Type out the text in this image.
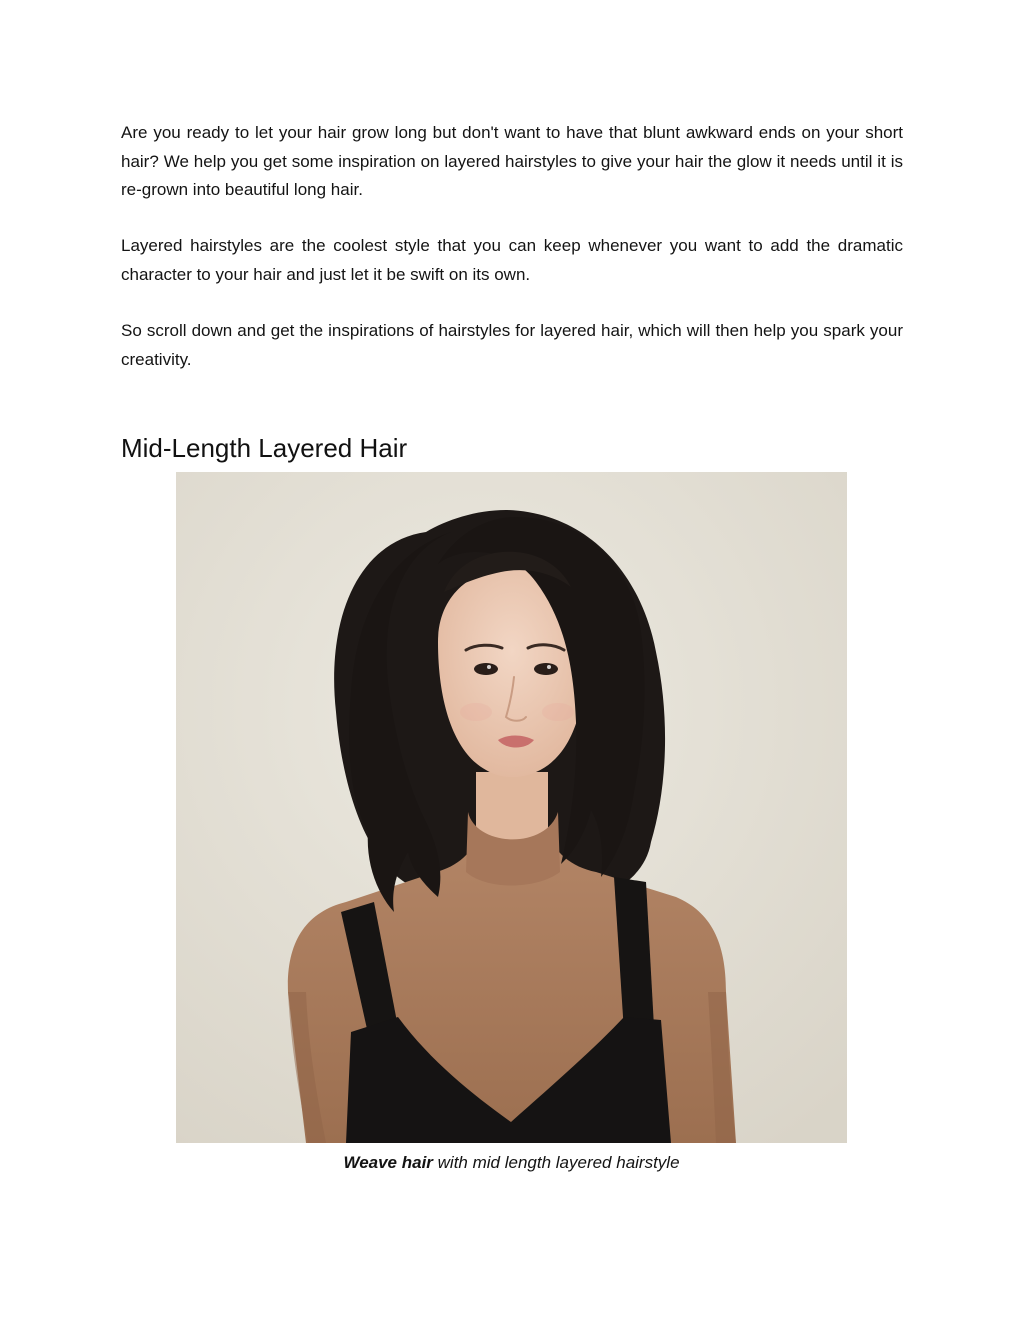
Are you ready to let your hair grow long but don't want to have that blunt awkward ends on your short hair? We help you get some inspiration on layered hairstyles to give your hair the glow it needs until it is re-grown into beautiful long hair.

Layered hairstyles are the coolest style that you can keep whenever you want to add the dramatic character to your hair and just let it be swift on its own.

So scroll down and get the inspirations of hairstyles for layered hair, which will then help you spark your creativity.

Mid-Length Layered Hair

Weave hair with mid length layered hairstyle
